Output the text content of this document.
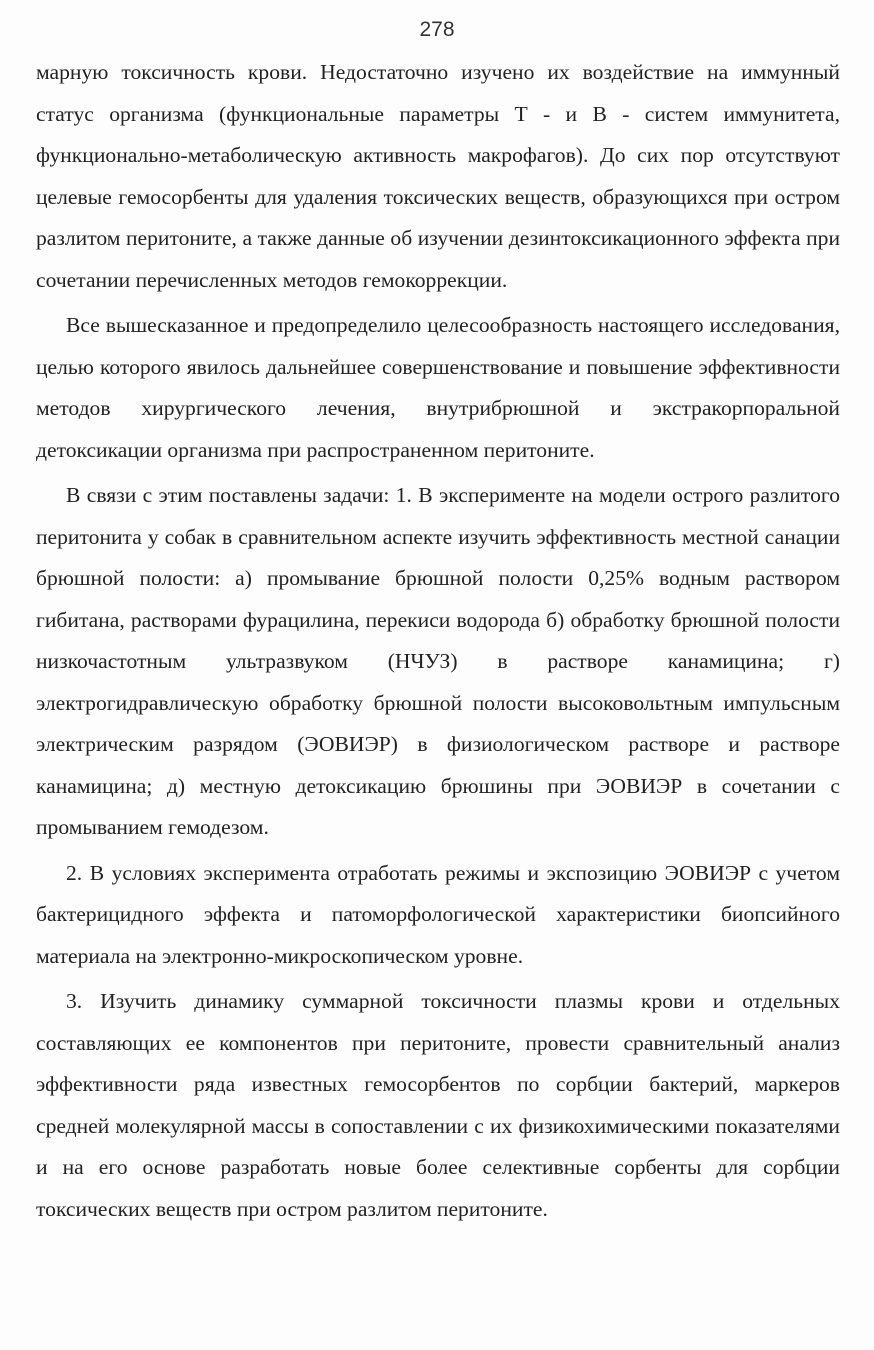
278

марную токсичность крови. Недостаточно изучено их воздействие на иммунный статус организма (функциональные параметры Т - и В - систем иммунитета, функционально-метаболическую активность макрофагов). До сих пор отсутствуют целевые гемосорбенты для удаления токсических веществ, образующихся при остром разлитом перитоните, а также данные об изучении дезинтоксикационного эффекта при сочетании перечисленных методов гемокоррекции.

Все вышесказанное и предопределило целесообразность настоящего исследования, целью которого явилось дальнейшее совершенствование и повышение эффективности методов хирургического лечения, внутрибрюшной и экстракорпоральной детоксикации организма при распространенном перитоните.

В связи с этим поставлены задачи: 1. В эксперименте на модели острого разлитого перитонита у собак в сравнительном аспекте изучить эффективность местной санации брюшной полости: а) промывание брюшной полости 0,25% водным раствором гибитана, растворами фурацилина, перекиси водорода б) обработку брюшной полости низкочастотным ультразвуком (НЧУЗ) в растворе канамицина; г) электрогидравлическую обработку брюшной полости высоковольтным импульсным электрическим разрядом (ЭОВИЭР) в физиологическом растворе и растворе канамицина; д) местную детоксикацию брюшины при ЭОВИЭР в сочетании с промыванием гемодезом.

2. В условиях эксперимента отработать режимы и экспозицию ЭОВИЭР с учетом бактерицидного эффекта и патоморфологической характеристики биопсийного материала на электронно-микроскопическом уровне.

3. Изучить динамику суммарной токсичности плазмы крови и отдельных составляющих ее компонентов при перитоните, провести сравнительный анализ эффективности ряда известных гемосорбентов по сорбции бактерий, маркеров средней молекулярной массы в сопоставлении с их физикохимическими показателями и на его основе разработать новые более селективные сорбенты для сорбции токсических веществ при остром разлитом перитоните.
